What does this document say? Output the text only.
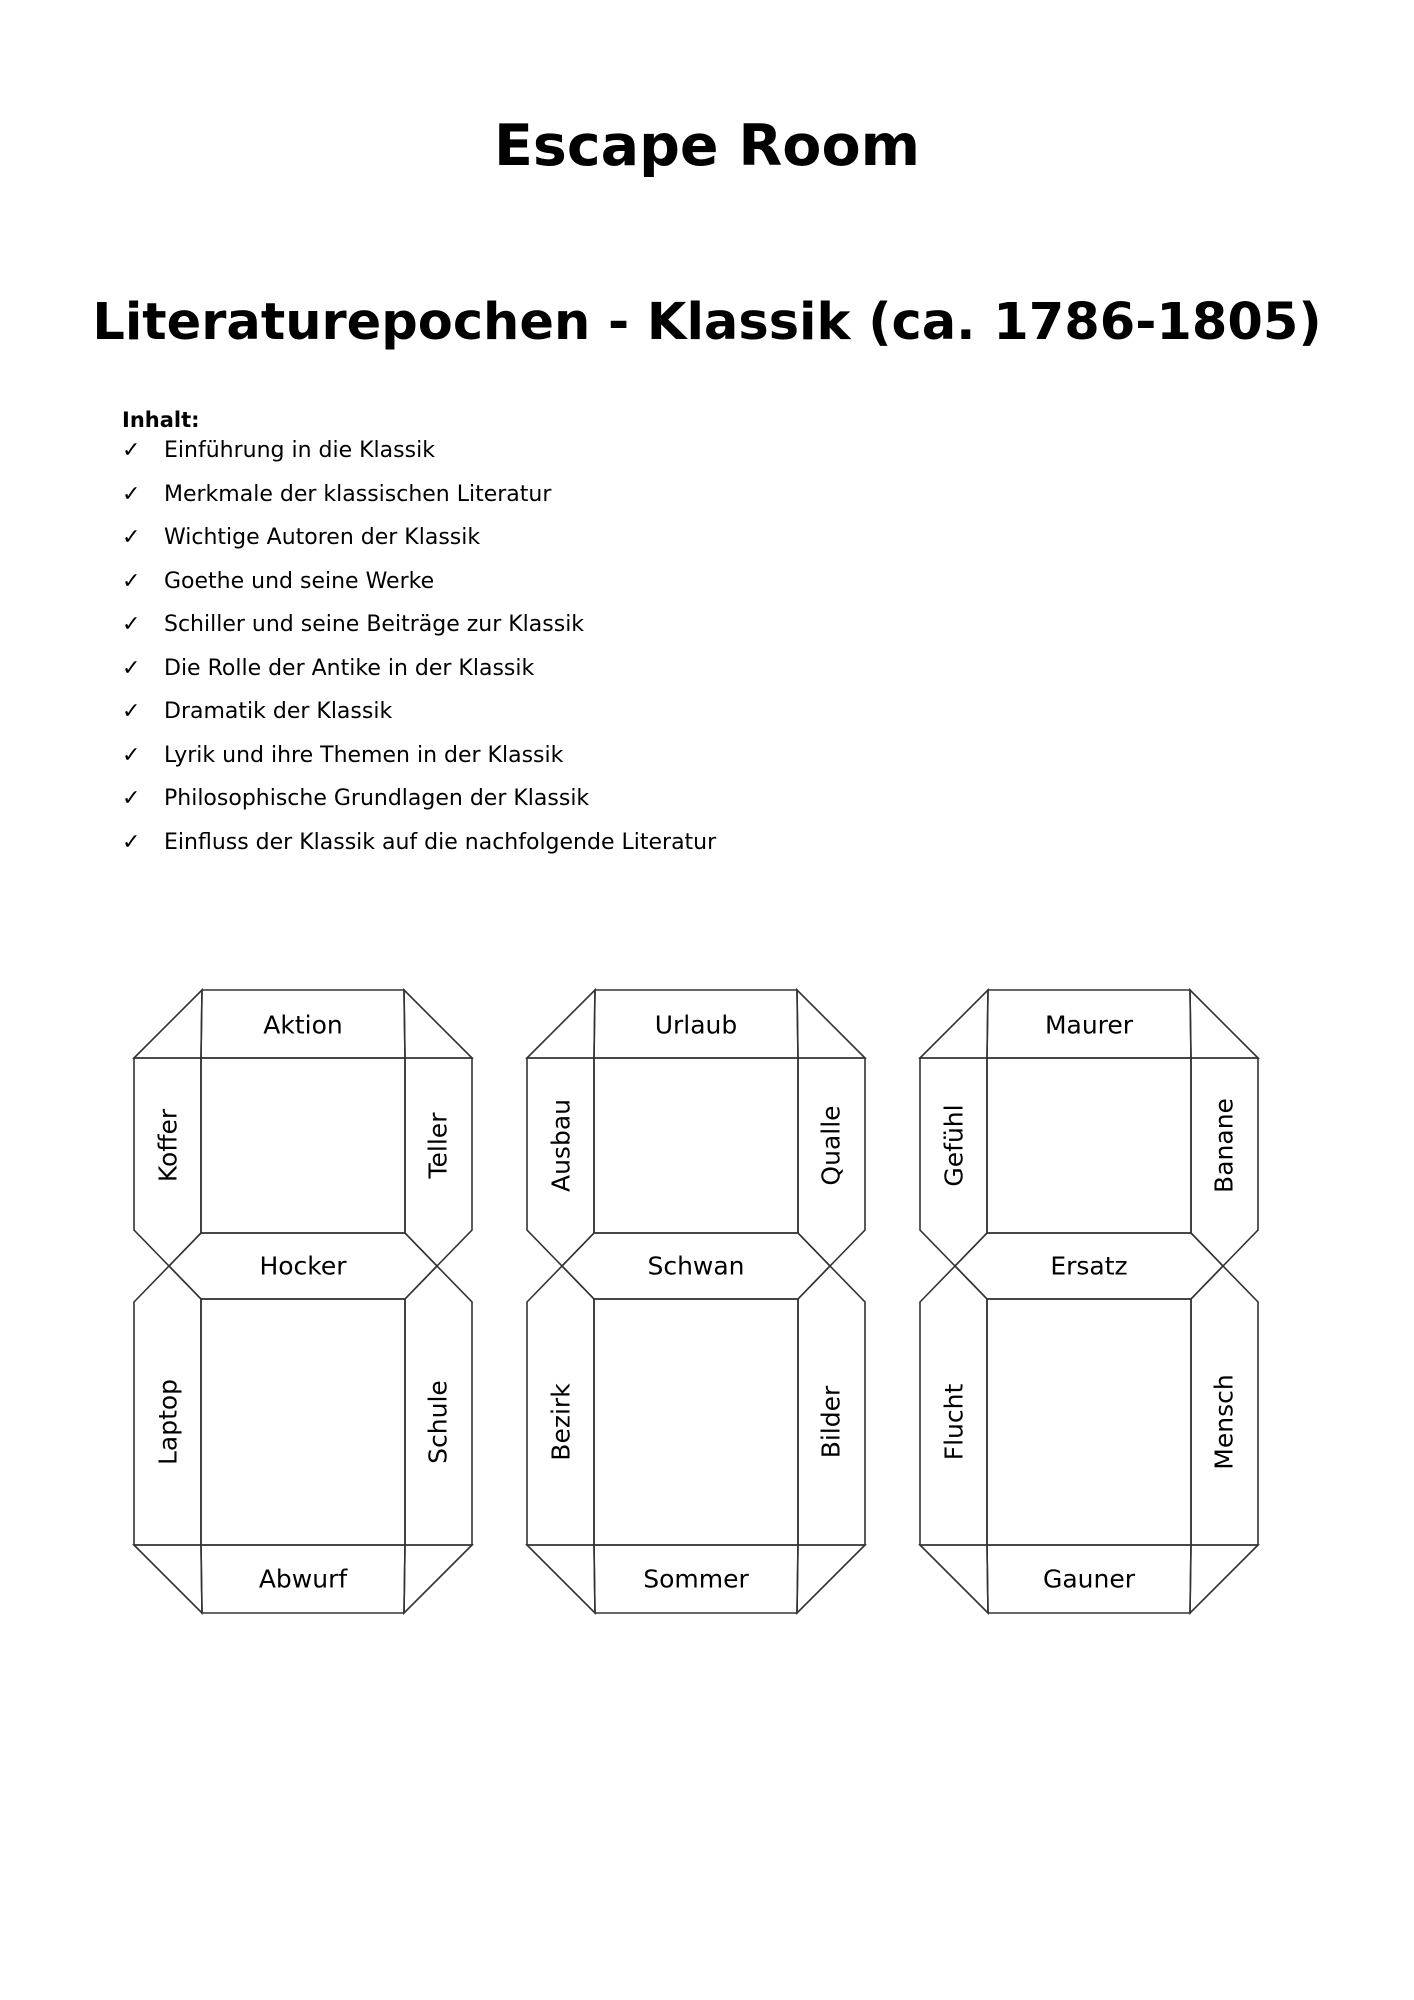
Escape Room
Literaturepochen - Klassik (ca. 1786-1805)

Inhalt:

✓	Einführung in die Klassik
✓	Merkmale der klassischen Literatur
✓	Wichtige Autoren der Klassik
✓	Goethe und seine Werke
✓	Schiller und seine Beiträge zur Klassik
✓	Die Rolle der Antike in der Klassik
✓	Dramatik der Klassik
✓	Lyrik und ihre Themen in der Klassik
✓	Philosophische Grundlagen der Klassik
✓	Einfluss der Klassik auf die nachfolgende Literatur
Aktion
Koffer	Teller
Hocker
Laptop	Schule
Abwurf
Urlaub
Ausbau	Qualle
Schwan
Bezirk	Bilder
Sommer
Maurer
Gefühl	Banane
Ersatz
Flucht	Mensch
Gauner
